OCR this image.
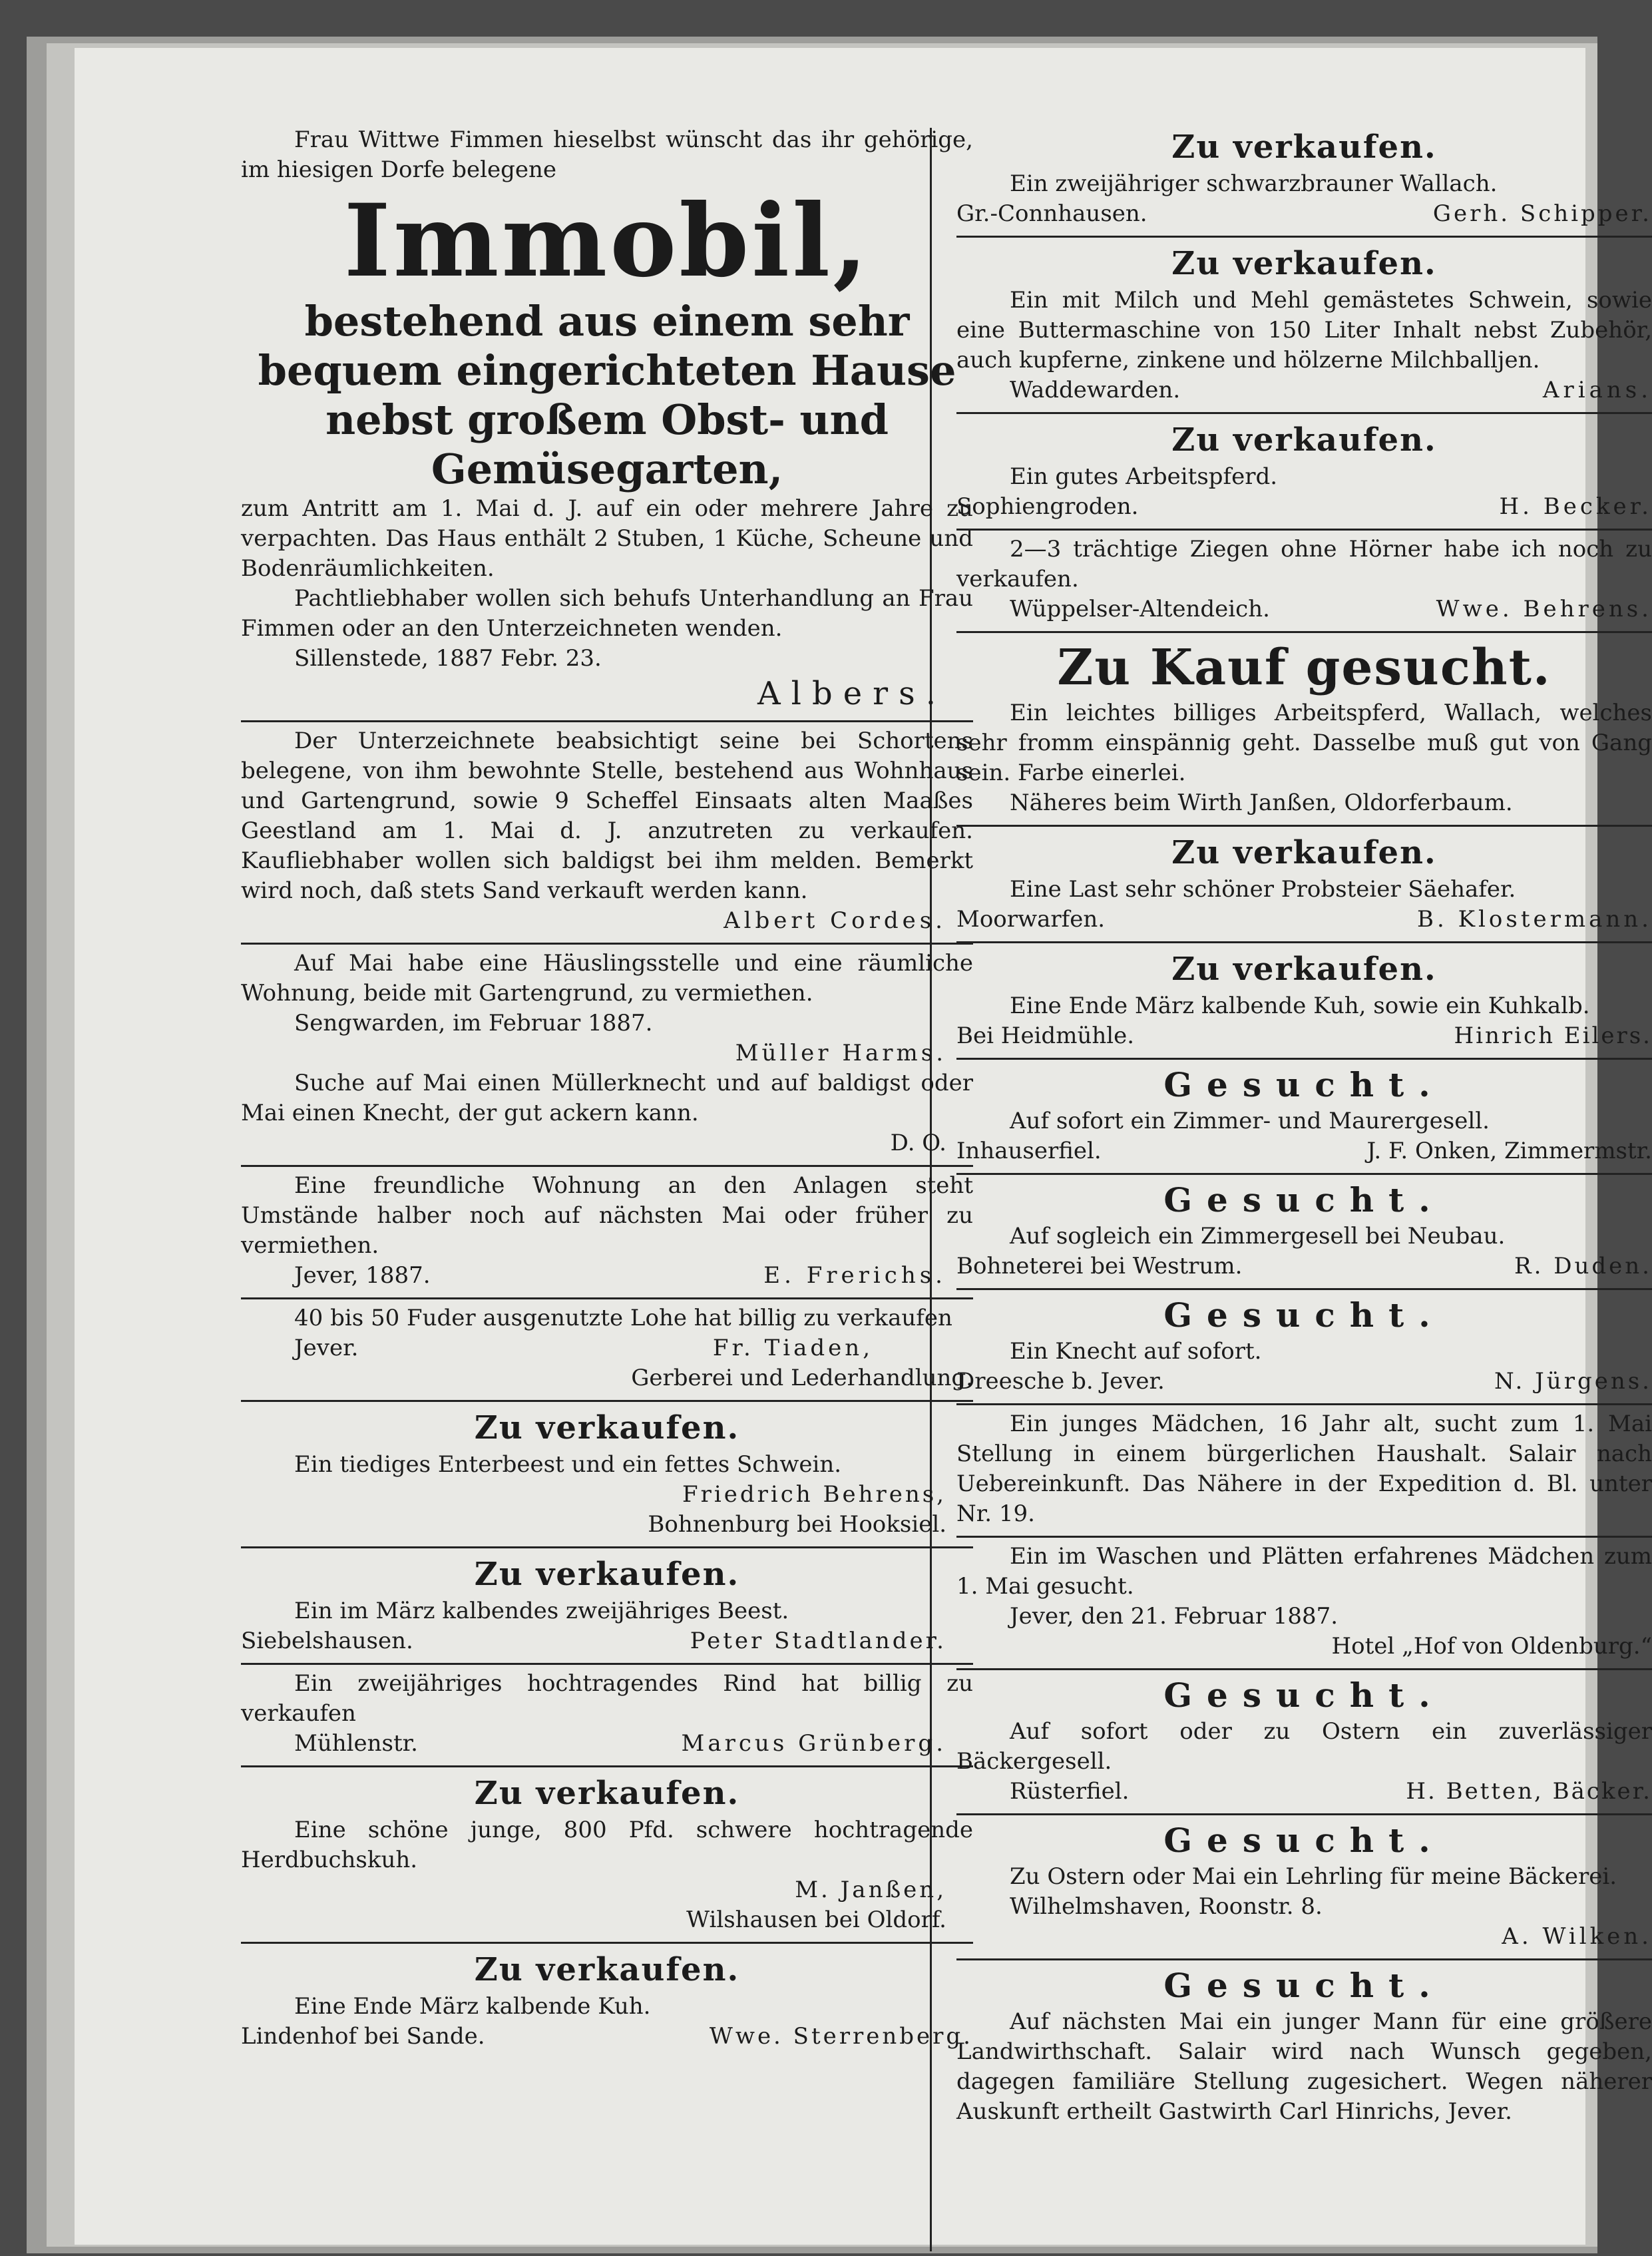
Frau Wittwe Fimmen hieselbst wünscht das ihr gehörige, im hiesigen Dorfe belegene

Immobil,
bestehend aus einem sehr
bequem eingerichteten Hause
nebst großem Obst- und
Gemüsegarten,

zum Antritt am 1. Mai d. J. auf ein oder mehrere Jahre zu verpachten. Das Haus enthält 2 Stuben, 1 Küche, Scheune und Bodenräumlichkeiten.

Pachtliebhaber wollen sich behufs Unterhandlung an Frau Fimmen oder an den Unterzeichneten wenden.

Sillenstede, 1887 Febr. 23.

Albers.

Der Unterzeichnete beabsichtigt seine bei Schortens belegene, von ihm bewohnte Stelle, bestehend aus Wohnhaus und Gartengrund, sowie 9 Scheffel Einsaats alten Maaßes Geestland am 1. Mai d. J. anzutreten zu verkaufen. Kaufliebhaber wollen sich baldigst bei ihm melden. Bemerkt wird noch, daß stets Sand verkauft werden kann.

Albert Cordes.

Auf Mai habe eine Häuslingsstelle und eine räumliche Wohnung, beide mit Gartengrund, zu vermiethen.

Sengwarden, im Februar 1887.

Müller Harms.

Suche auf Mai einen Müllerknecht und auf baldigst oder Mai einen Knecht, der gut ackern kann.

D. O.

Eine freundliche Wohnung an den Anlagen steht Umstände halber noch auf nächsten Mai oder früher zu vermiethen.

Jever, 1887.	E. Frerichs.

40 bis 50 Fuder ausgenutzte Lohe hat billig zu verkaufen

Jever.	Fr. Tiaden,
Gerberei und Lederhandlung.
Zu verkaufen.

Ein tiediges Enterbeest und ein fettes Schwein.

Friedrich Behrens,
Bohnenburg bei Hooksiel.
Zu verkaufen.

Ein im März kalbendes zweijähriges Beest.

Siebelshausen.	Peter Stadtlander.

Ein zweijähriges hochtragendes Rind hat billig zu verkaufen

Mühlenstr.	Marcus Grünberg.
Zu verkaufen.

Eine schöne junge, 800 Pfd. schwere hochtragende Herdbuchskuh.

M. Janßen,
Wilshausen bei Oldorf.
Zu verkaufen.

Eine Ende März kalbende Kuh.

Lindenhof bei Sande.	Wwe. Sterrenberg.
Zu verkaufen.

Ein zweijähriger schwarzbrauner Wallach.

Gr.-Connhausen.	Gerh. Schipper.
Zu verkaufen.

Ein mit Milch und Mehl gemästetes Schwein, sowie eine Buttermaschine von 150 Liter Inhalt nebst Zubehör, auch kupferne, zinkene und hölzerne Milchballjen.

Waddewarden.	Arians.
Zu verkaufen.

Ein gutes Arbeitspferd.

Sophiengroden.	H. Becker.

2—3 trächtige Ziegen ohne Hörner habe ich noch zu verkaufen.

Wüppelser-Altendeich.	Wwe. Behrens.
Zu Kauf gesucht.

Ein leichtes billiges Arbeitspferd, Wallach, welches sehr fromm einspännig geht. Dasselbe muß gut von Gang sein. Farbe einerlei.

Näheres beim Wirth Janßen, Oldorferbaum.

Zu verkaufen.

Eine Last sehr schöner Probsteier Säehafer.

Moorwarfen.	B. Klostermann.
Zu verkaufen.

Eine Ende März kalbende Kuh, sowie ein Kuhkalb.

Bei Heidmühle.	Hinrich Eilers.
Gesucht.

Auf sofort ein Zimmer- und Maurergesell.

Inhauserfiel.	J. F. Onken, Zimmermstr.
Gesucht.

Auf sogleich ein Zimmergesell bei Neubau.

Bohneterei bei Westrum.	R. Duden.
Gesucht.

Ein Knecht auf sofort.

Dreesche b. Jever.	N. Jürgens.

Ein junges Mädchen, 16 Jahr alt, sucht zum 1. Mai Stellung in einem bürgerlichen Haushalt. Salair nach Uebereinkunft. Das Nähere in der Expedition d. Bl. unter Nr. 19.

Ein im Waschen und Plätten erfahrenes Mädchen zum 1. Mai gesucht.

Jever, den 21. Februar 1887.

Hotel „Hof von Oldenburg.“
Gesucht.

Auf sofort oder zu Ostern ein zuverlässiger Bäckergesell.

Rüsterfiel.	H. Betten, Bäcker.
Gesucht.

Zu Ostern oder Mai ein Lehrling für meine Bäckerei.

Wilhelmshaven, Roonstr. 8.

A. Wilken.
Gesucht.

Auf nächsten Mai ein junger Mann für eine größere Landwirthschaft. Salair wird nach Wunsch gegeben, dagegen familiäre Stellung zugesichert. Wegen näherer Auskunft ertheilt Gastwirth Carl Hinrichs, Jever.
